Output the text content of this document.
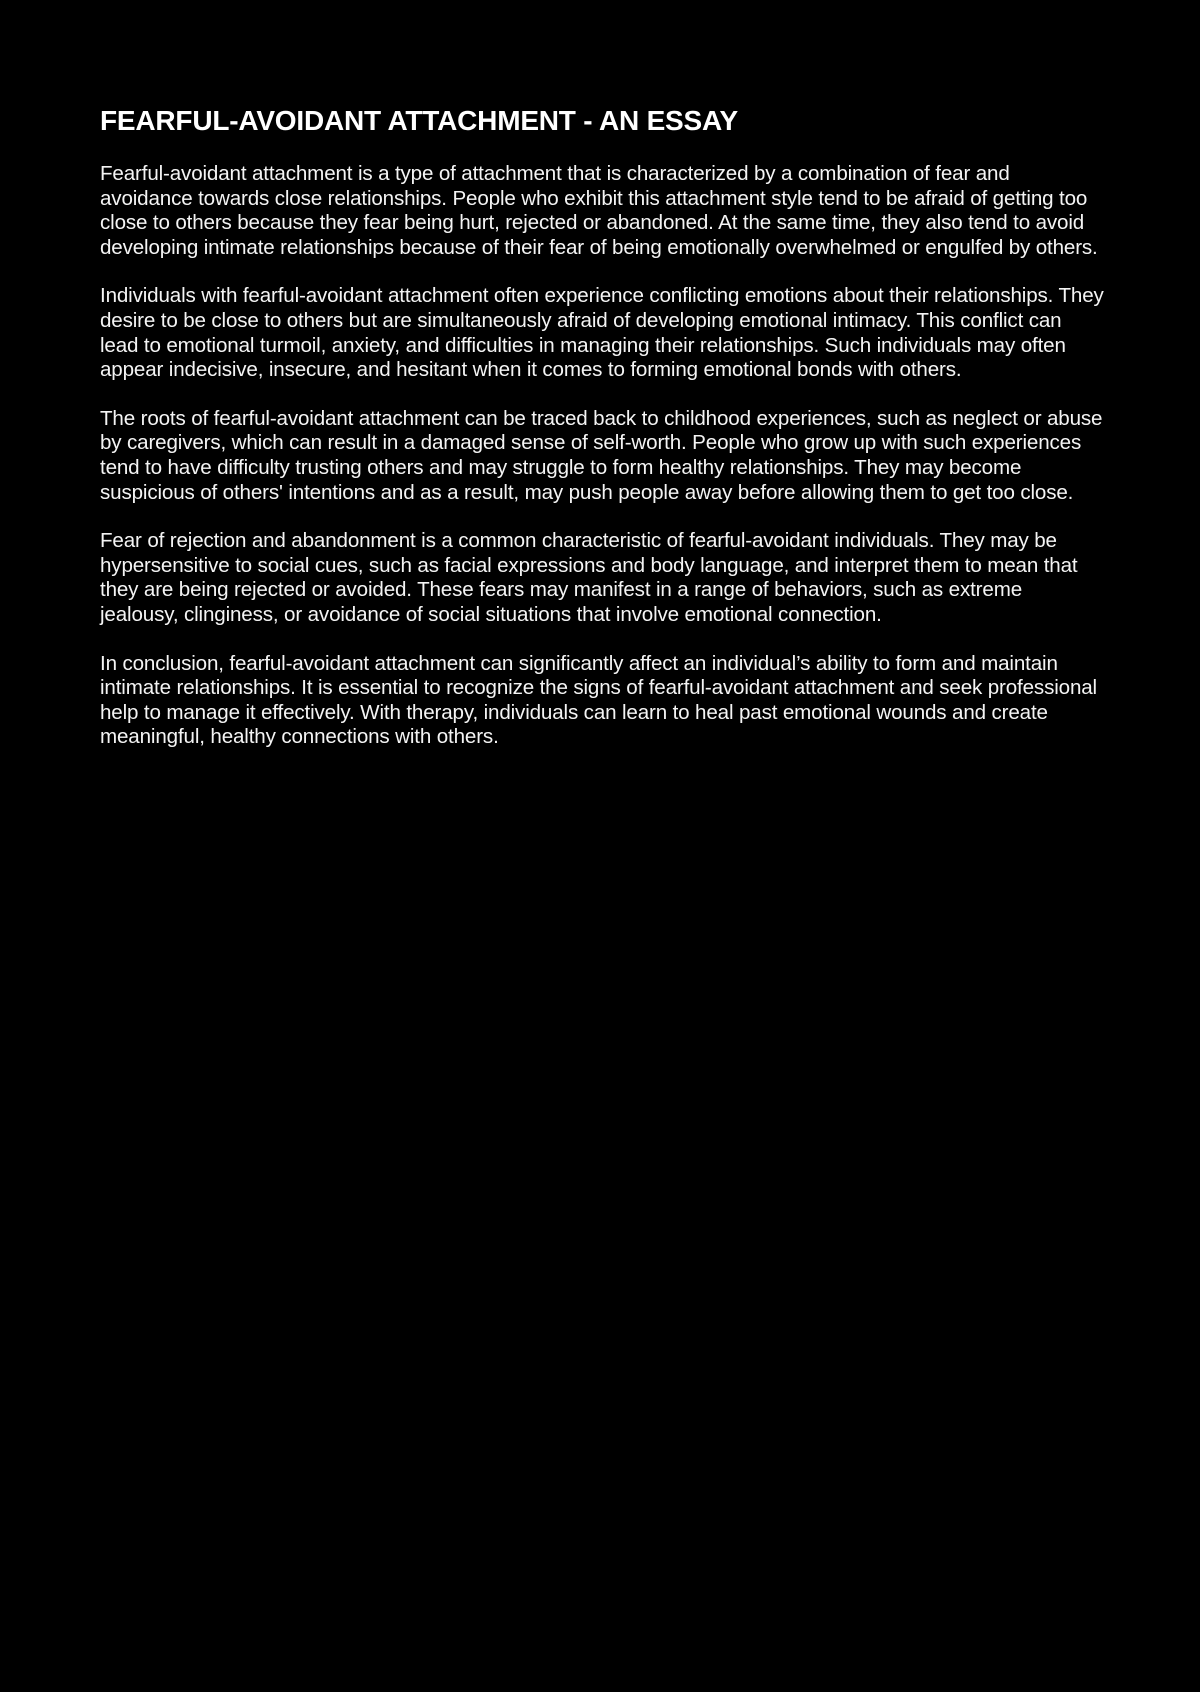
FEARFUL-AVOIDANT ATTACHMENT - AN ESSAY

Fearful-avoidant attachment is a type of attachment that is characterized by a combination of fear and avoidance towards close relationships. People who exhibit this attachment style tend to be afraid of getting too close to others because they fear being hurt, rejected or abandoned. At the same time, they also tend to avoid developing intimate relationships because of their fear of being emotionally overwhelmed or engulfed by others.

Individuals with fearful-avoidant attachment often experience conflicting emotions about their relationships. They desire to be close to others but are simultaneously afraid of developing emotional intimacy. This conflict can lead to emotional turmoil, anxiety, and difficulties in managing their relationships. Such individuals may often appear indecisive, insecure, and hesitant when it comes to forming emotional bonds with others.

The roots of fearful-avoidant attachment can be traced back to childhood experiences, such as neglect or abuse by caregivers, which can result in a damaged sense of self-worth. People who grow up with such experiences tend to have difficulty trusting others and may struggle to form healthy relationships. They may become suspicious of others' intentions and as a result, may push people away before allowing them to get too close.

Fear of rejection and abandonment is a common characteristic of fearful-avoidant individuals. They may be hypersensitive to social cues, such as facial expressions and body language, and interpret them to mean that they are being rejected or avoided. These fears may manifest in a range of behaviors, such as extreme jealousy, clinginess, or avoidance of social situations that involve emotional connection.

In conclusion, fearful-avoidant attachment can significantly affect an individual’s ability to form and maintain intimate relationships. It is essential to recognize the signs of fearful-avoidant attachment and seek professional help to manage it effectively. With therapy, individuals can learn to heal past emotional wounds and create meaningful, healthy connections with others.
